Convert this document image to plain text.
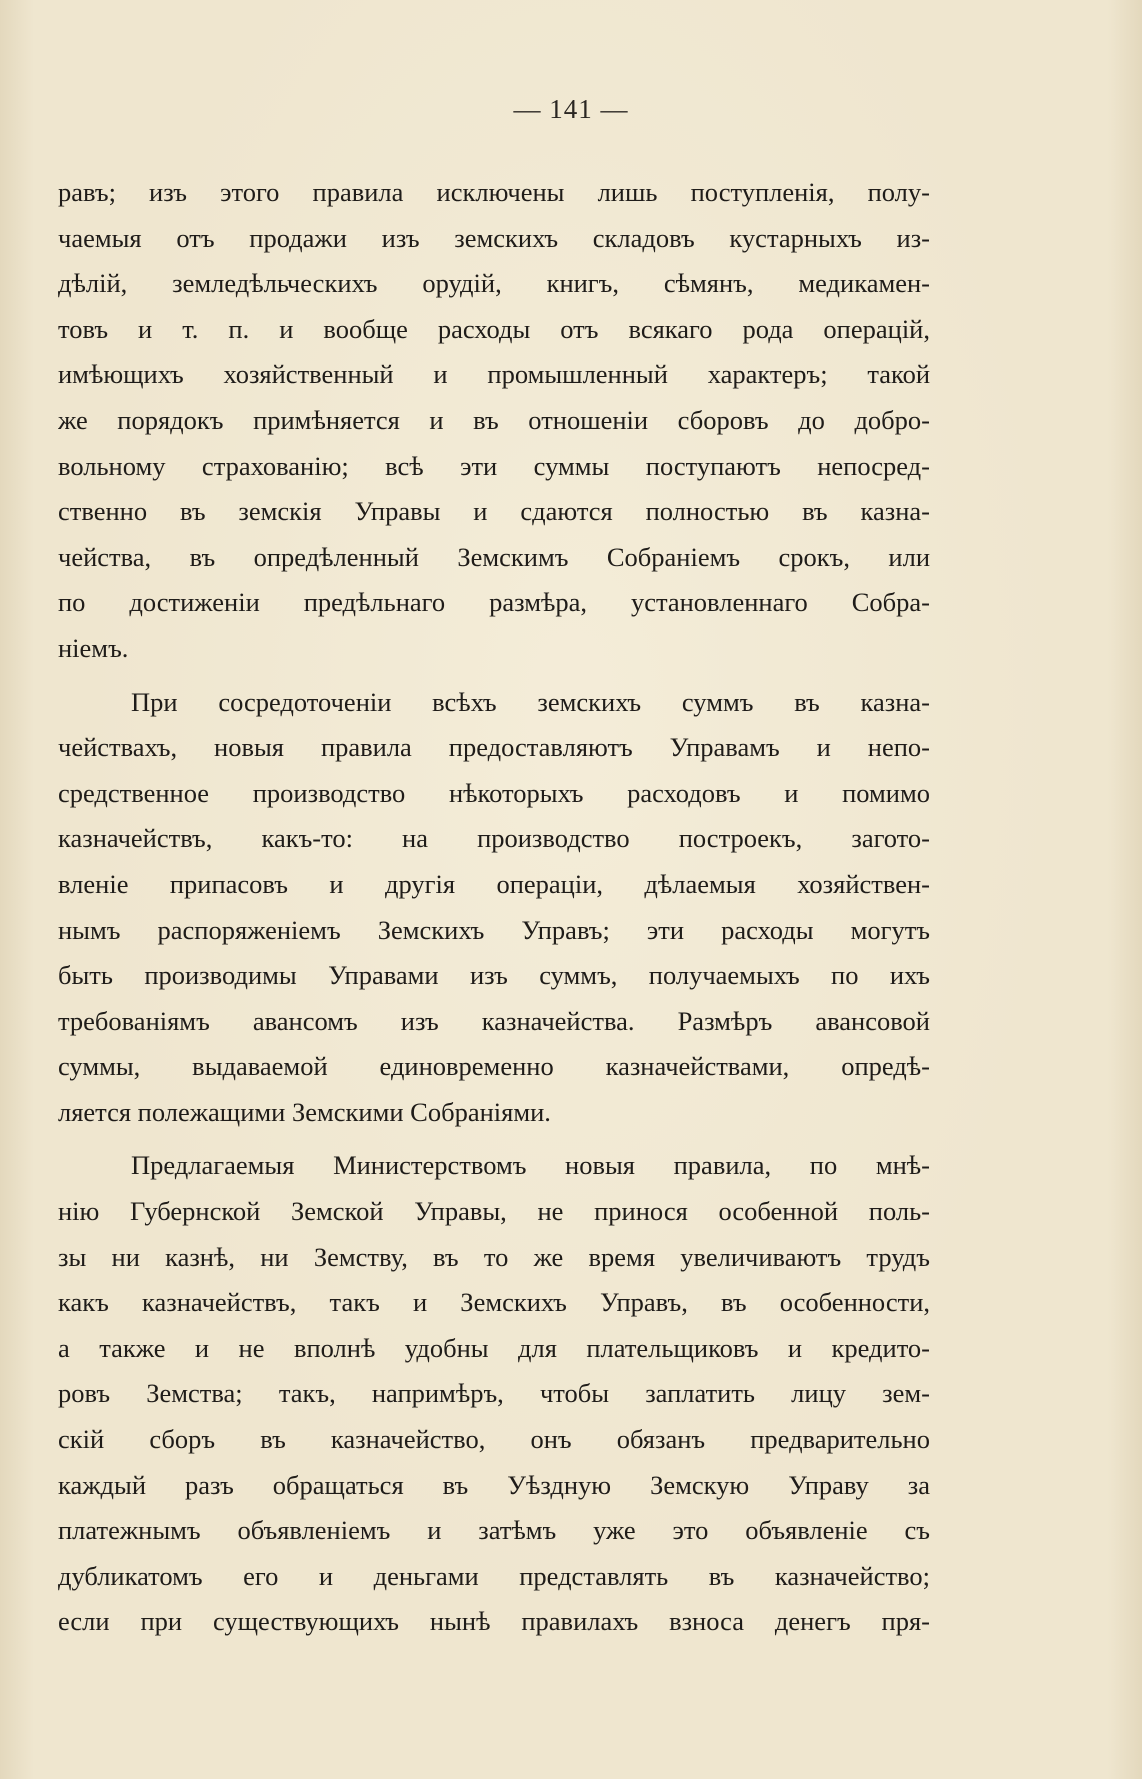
— 141 —
равъ; изъ этого правила исключены лишь поступленія, полу-
чаемыя отъ продажи изъ земскихъ складовъ кустарныхъ из-
дѣлій, земледѣльческихъ орудій, книгъ, сѣмянъ, медикамен-
товъ и т. п. и вообще расходы отъ всякаго рода операцій,
имѣющихъ хозяйственный и промышленный характеръ; такой
же порядокъ примѣняется и въ отношеніи сборовъ до добро-
вольному страхованію; всѣ эти суммы поступаютъ непосред-
ственно въ земскія Управы и сдаются полностью въ казна-
чейства, въ опредѣленный Земскимъ Собраніемъ срокъ, или
по достиженіи предѣльнаго размѣра, установленнаго Собра-
ніемъ.
При сосредоточеніи всѣхъ земскихъ суммъ въ казна-
чействахъ, новыя правила предоставляютъ Управамъ и непо-
средственное производство нѣкоторыхъ расходовъ и помимо
казначействъ, какъ-то: на производство построекъ, загото-
вленіе припасовъ и другія операціи, дѣлаемыя хозяйствен-
нымъ распоряженіемъ Земскихъ Управъ; эти расходы могутъ
быть производимы Управами изъ суммъ, получаемыхъ по ихъ
требованіямъ авансомъ изъ казначейства. Размѣръ авансовой
суммы, выдаваемой единовременно казначействами, опредѣ-
ляется полежащими Земскими Собраніями.
Предлагаемыя Министерствомъ новыя правила, по мнѣ-
нію Губернской Земской Управы, не принося особенной поль-
зы ни казнѣ, ни Земству, въ то же время увеличиваютъ трудъ
какъ казначействъ, такъ и Земскихъ Управъ, въ особенности,
а также и не вполнѣ удобны для плательщиковъ и кредито-
ровъ Земства; такъ, напримѣръ, чтобы заплатить лицу зем-
скій сборъ въ казначейство, онъ обязанъ предварительно
каждый разъ обращаться въ Уѣздную Земскую Управу за
платежнымъ объявленіемъ и затѣмъ уже это объявленіе съ
дубликатомъ его и деньгами представлять въ казначейство;
если при существующихъ нынѣ правилахъ взноса денегъ пря-
